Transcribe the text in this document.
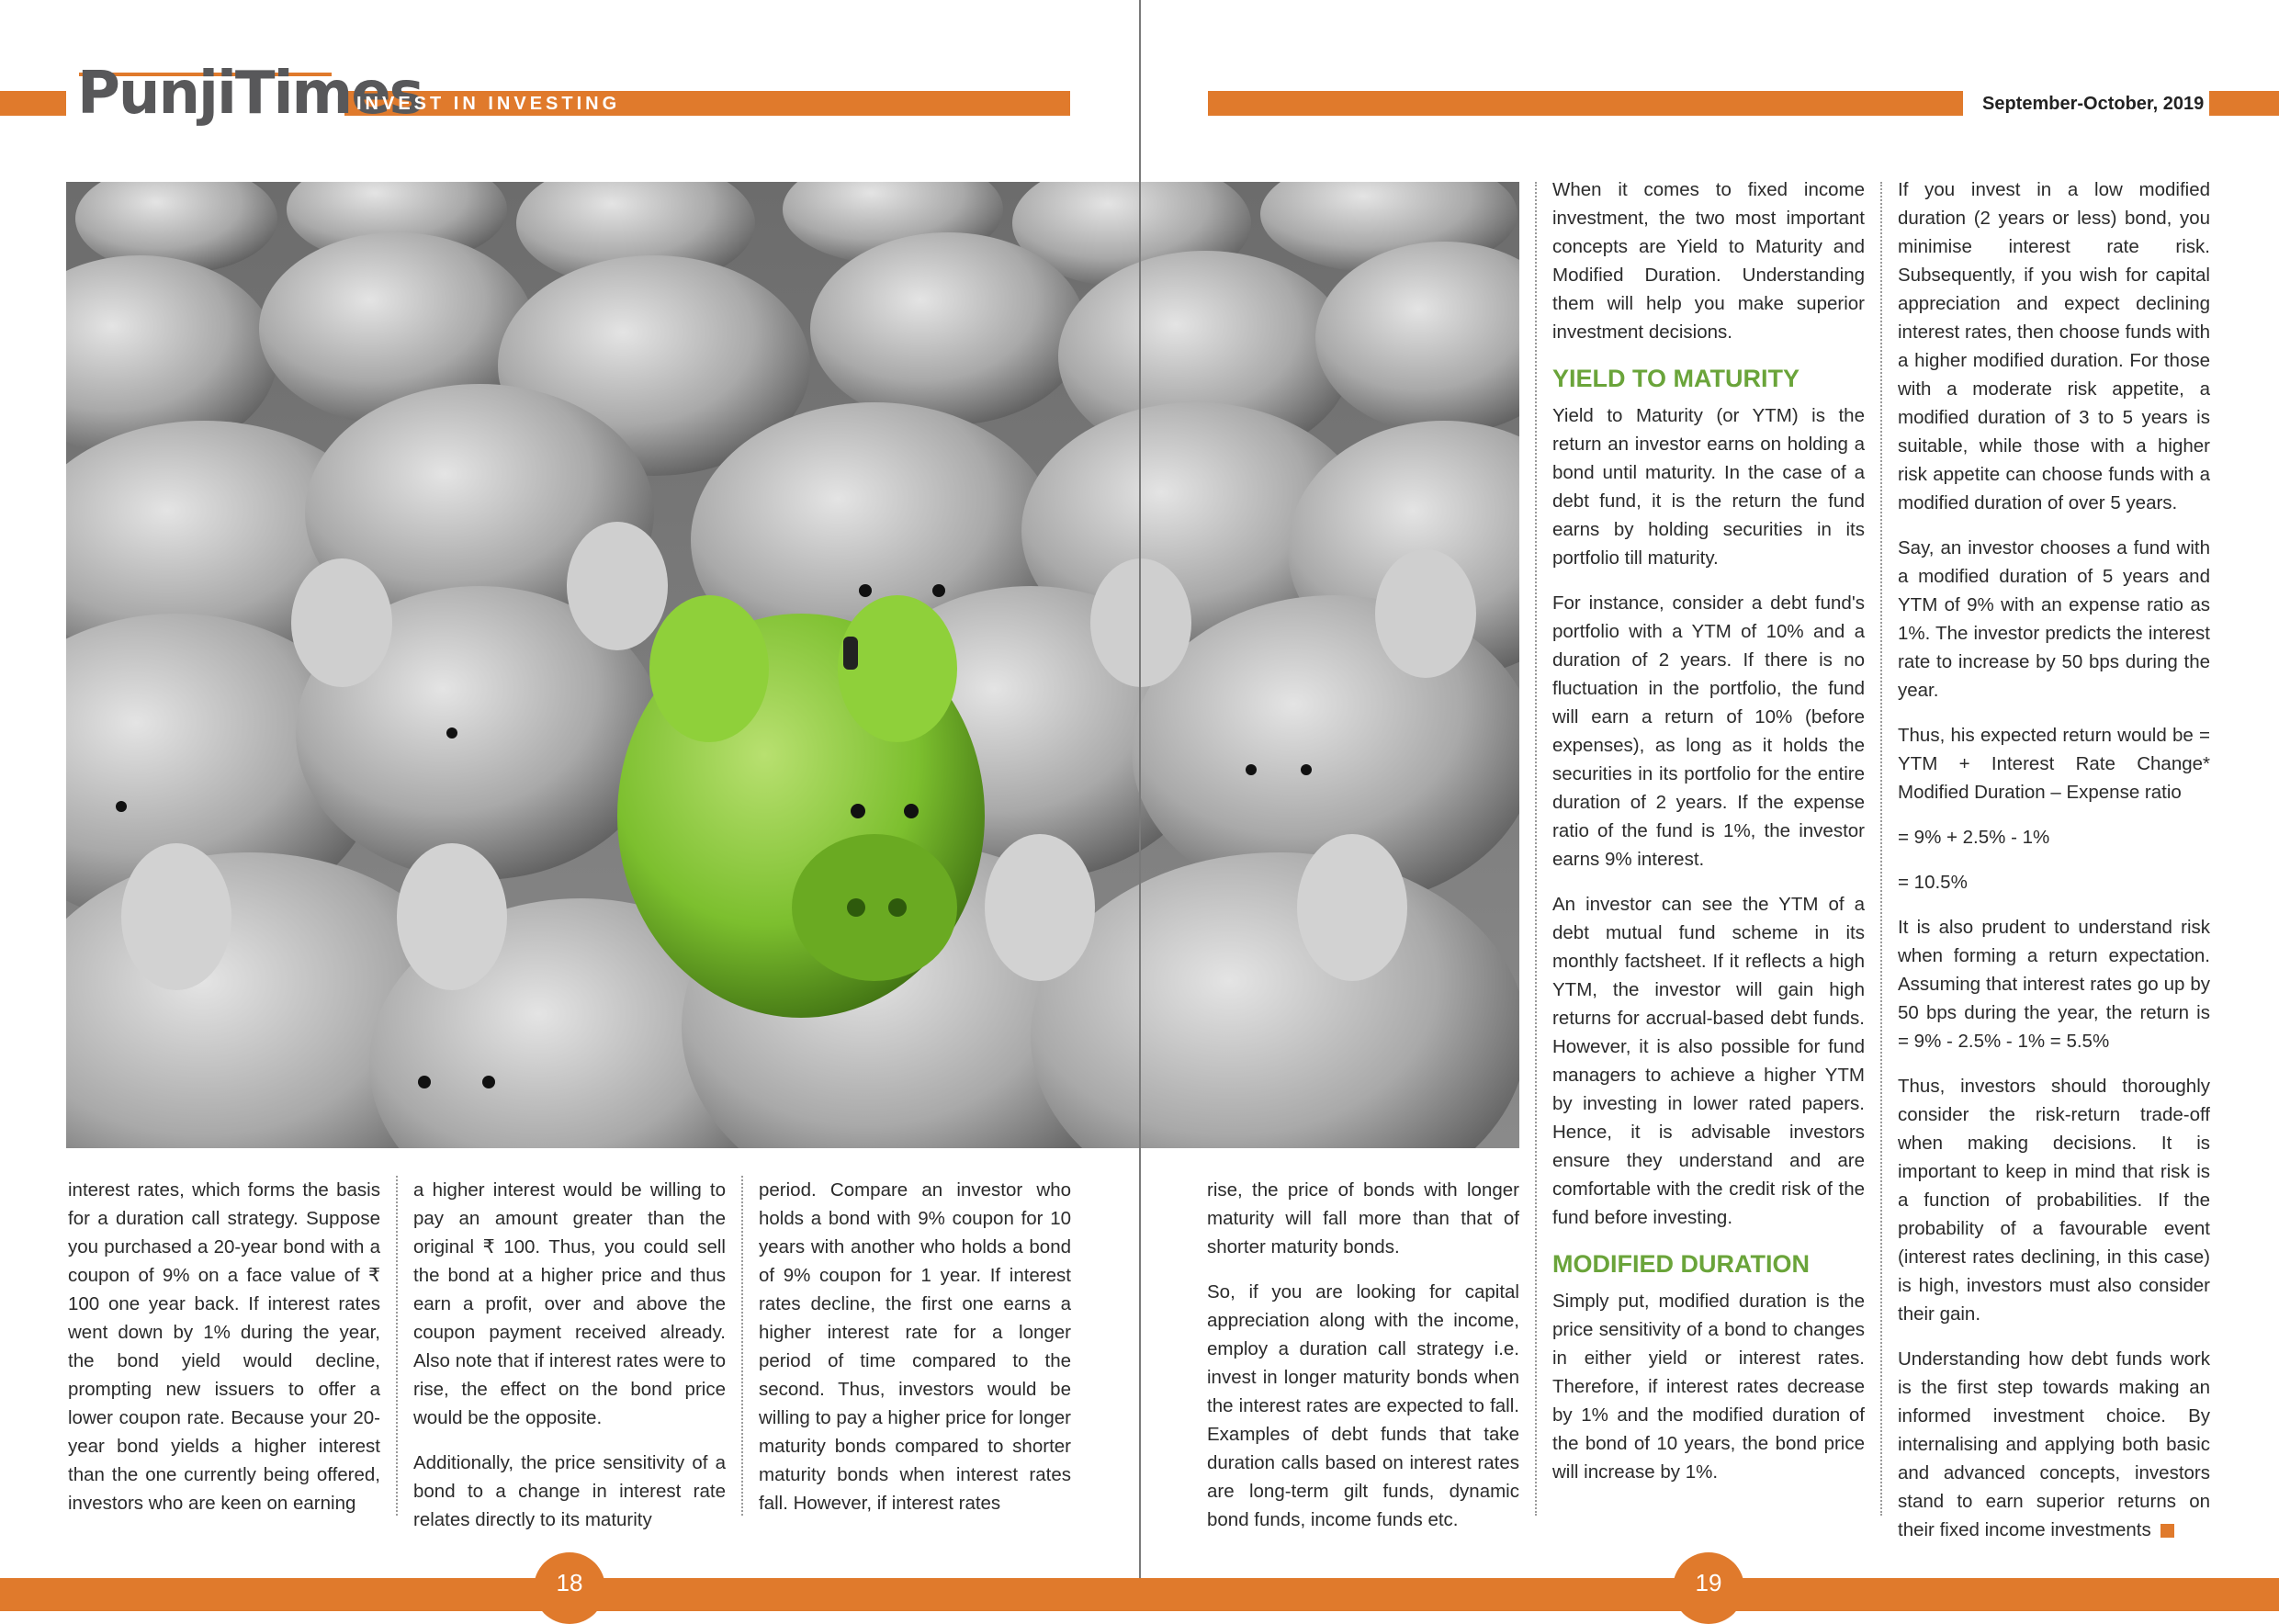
PunjiTimes
INVEST IN INVESTING	September-October, 2019

interest rates, which forms the basis for a duration call strategy. Suppose you purchased a 20-year bond with a coupon of 9% on a face value of ₹ 100 one year back. If interest rates went down by 1% during the year, the bond yield would decline, prompting new issuers to offer a lower coupon rate. Because your 20-year bond yields a higher interest than the one currently being offered, investors who are keen on earning

a higher interest would be willing to pay an amount greater than the original ₹ 100. Thus, you could sell the bond at a higher price and thus earn a profit, over and above the coupon payment received already. Also note that if interest rates were to rise, the effect on the bond price would be the opposite.

Additionally, the price sensitivity of a bond to a change in interest rate relates directly to its maturity

period. Compare an investor who holds a bond with 9% coupon for 10 years with another who holds a bond of 9% coupon for 1 year. If interest rates decline, the first one earns a higher interest rate for a longer period of time compared to the second. Thus, investors would be willing to pay a higher price for longer maturity bonds compared to shorter maturity bonds when interest rates fall. However, if interest rates

rise, the price of bonds with longer maturity will fall more than that of shorter maturity bonds.

So, if you are looking for capital appreciation along with the income, employ a duration call strategy i.e. invest in longer maturity bonds when the interest rates are expected to fall. Examples of debt funds that take duration calls based on interest rates are long-term gilt funds, dynamic bond funds, income funds etc.

When it comes to fixed income investment, the two most important concepts are Yield to Maturity and Modified Duration. Understanding them will help you make superior investment decisions.

YIELD TO MATURITY

Yield to Maturity (or YTM) is the return an investor earns on holding a bond until maturity. In the case of a debt fund, it is the return the fund earns by holding securities in its portfolio till maturity.

For instance, consider a debt fund's portfolio with a YTM of 10% and a duration of 2 years. If there is no fluctuation in the portfolio, the fund will earn a return of 10% (before expenses), as long as it holds the securities in its portfolio for the entire duration of 2 years. If the expense ratio of the fund is 1%, the investor earns 9% interest.

An investor can see the YTM of a debt mutual fund scheme in its monthly factsheet. If it reflects a high YTM, the investor will gain high returns for accrual-based debt funds. However, it is also possible for fund managers to achieve a higher YTM by investing in lower rated papers. Hence, it is advisable investors ensure they understand and are comfortable with the credit risk of the fund before investing.

MODIFIED DURATION

Simply put, modified duration is the price sensitivity of a bond to changes in either yield or interest rates. Therefore, if interest rates decrease by 1% and the modified duration of the bond of 10 years, the bond price will increase by 1%.

If you invest in a low modified duration (2 years or less) bond, you minimise interest rate risk. Subsequently, if you wish for capital appreciation and expect declining interest rates, then choose funds with a higher modified duration. For those with a moderate risk appetite, a modified duration of 3 to 5 years is suitable, while those with a higher risk appetite can choose funds with a modified duration of over 5 years.

Say, an investor chooses a fund with a modified duration of 5 years and YTM of 9% with an expense ratio as 1%. The investor predicts the interest rate to increase by 50 bps during the year.

Thus, his expected return would be = YTM + Interest Rate Change* Modified Duration – Expense ratio

= 9% + 2.5% - 1%

= 10.5%

It is also prudent to understand risk when forming a return expectation. Assuming that interest rates go up by 50 bps during the year, the return is = 9% - 2.5% - 1% = 5.5%

Thus, investors should thoroughly consider the risk-return trade-off when making decisions. It is important to keep in mind that risk is a function of probabilities. If the probability of a favourable event (interest rates declining, in this case) is high, investors must also consider their gain.

Understanding how debt funds work is the first step towards making an informed investment choice. By internalising and applying both basic and advanced concepts, investors stand to earn superior returns on their fixed income investments

18	19
